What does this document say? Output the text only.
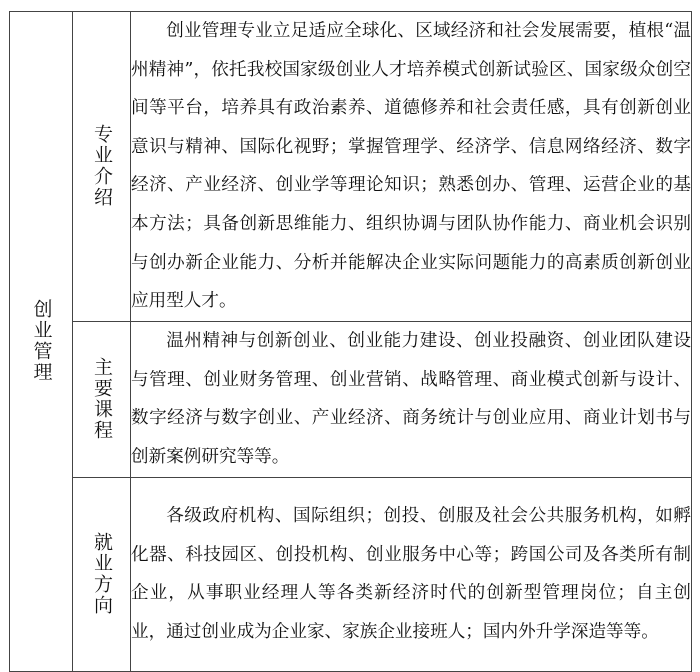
创业管理	专业介绍	创业管理专业立足适应全球化、区域经济和社会发展需要，植根“温州精神”，依托我校国家级创业人才培养模式创新试验区、国家级众创空间等平台，培养具有政治素养、道德修养和社会责任感，具有创新创业意识与精神、国际化视野；掌握管理学、经济学、信息网络经济、数字经济、产业经济、创业学等理论知识；熟悉创办、管理、运营企业的基本方法；具备创新思维能力、组织协调与团队协作能力、商业机会识别与创办新企业能力、分析并能解决企业实际问题能力的高素质创新创业应用型人才。

	主要课程	温州精神与创新创业、创业能力建设、创业投融资、创业团队建设与管理、创业财务管理、创业营销、战略管理、商业模式创新与设计、数字经济与数字创业、产业经济、商务统计与创业应用、商业计划书与创新案例研究等等。

	就业方向	各级政府机构、国际组织；创投、创服及社会公共服务机构，如孵化器、科技园区、创投机构、创业服务中心等；跨国公司及各类所有制企业，从事职业经理人等各类新经济时代的创新型管理岗位；自主创业，通过创业成为企业家、家族企业接班人；国内外升学深造等等。
